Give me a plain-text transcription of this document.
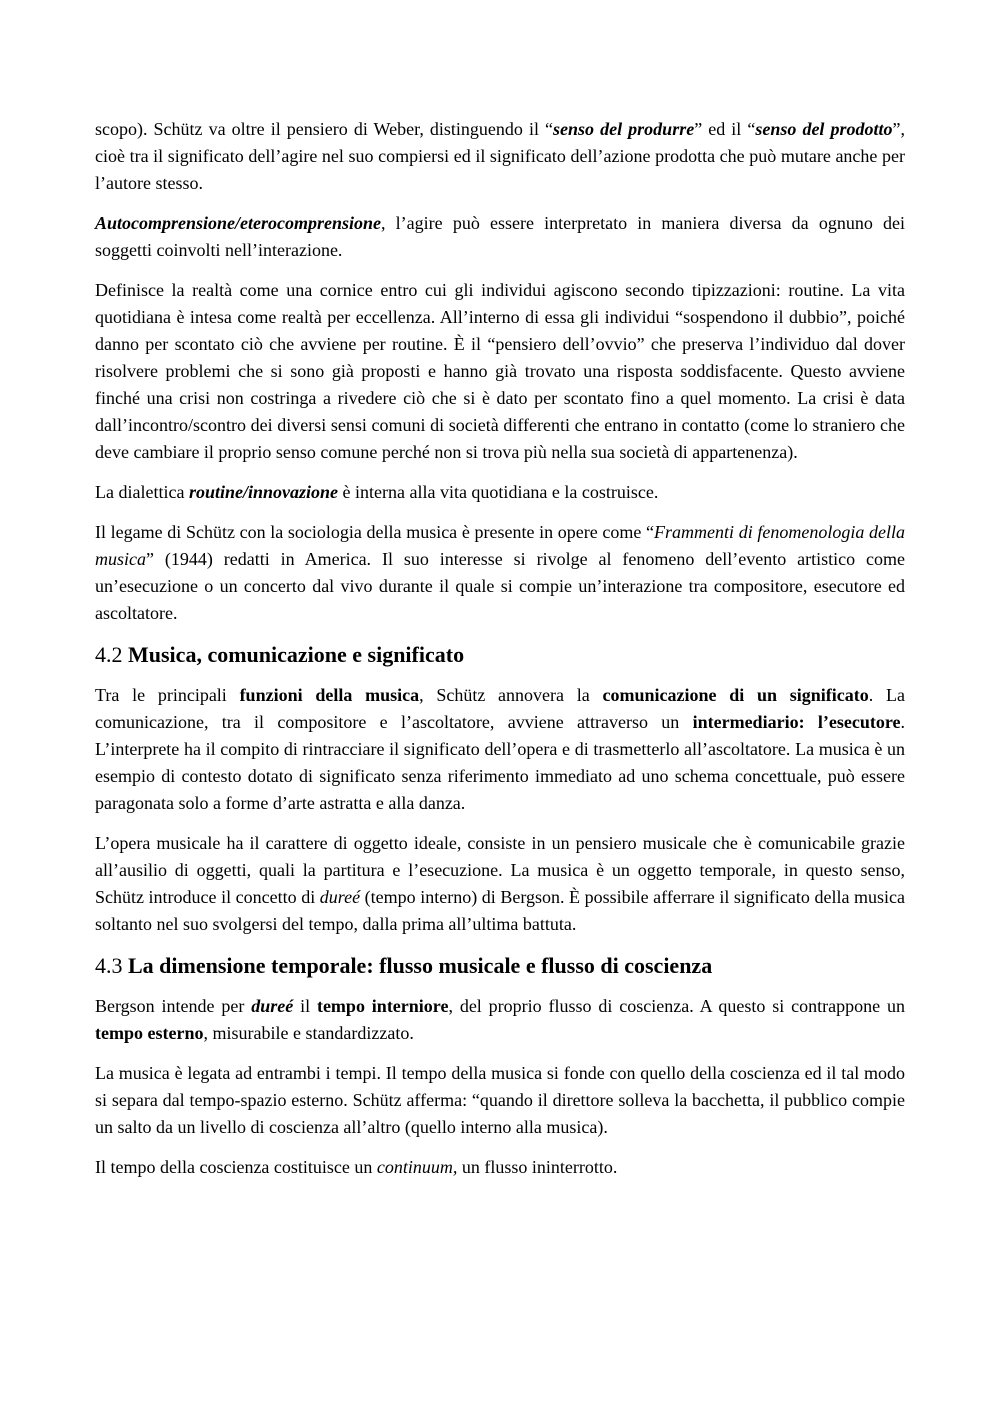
scopo). Schütz va oltre il pensiero di Weber, distinguendo il “senso del produrre” ed il “senso del prodotto”, cioè tra il significato dell’agire nel suo compiersi ed il significato dell’azione prodotta che può mutare anche per l’autore stesso.

Autocomprensione/eterocomprensione, l’agire può essere interpretato in maniera diversa da ognuno dei soggetti coinvolti nell’interazione.

Definisce la realtà come una cornice entro cui gli individui agiscono secondo tipizzazioni: routine. La vita quotidiana è intesa come realtà per eccellenza. All’interno di essa gli individui “sospendono il dubbio”, poiché danno per scontato ciò che avviene per routine. È il “pensiero dell’ovvio” che preserva l’individuo dal dover risolvere problemi che si sono già proposti e hanno già trovato una risposta soddisfacente. Questo avviene finché una crisi non costringa a rivedere ciò che si è dato per scontato fino a quel momento. La crisi è data dall’incontro/scontro dei diversi sensi comuni di società differenti che entrano in contatto (come lo straniero che deve cambiare il proprio senso comune perché non si trova più nella sua società di appartenenza).

La dialettica routine/innovazione è interna alla vita quotidiana e la costruisce.

Il legame di Schütz con la sociologia della musica è presente in opere come “Frammenti di fenomenologia della musica” (1944) redatti in America. Il suo interesse si rivolge al fenomeno dell’evento artistico come un’esecuzione o un concerto dal vivo durante il quale si compie un’interazione tra compositore, esecutore ed ascoltatore.

4.2 Musica, comunicazione e significato

Tra le principali funzioni della musica, Schütz annovera la comunicazione di un significato. La comunicazione, tra il compositore e l’ascoltatore, avviene attraverso un intermediario: l’esecutore. L’interprete ha il compito di rintracciare il significato dell’opera e di trasmetterlo all’ascoltatore. La musica è un esempio di contesto dotato di significato senza riferimento immediato ad uno schema concettuale, può essere paragonata solo a forme d’arte astratta e alla danza.

L’opera musicale ha il carattere di oggetto ideale, consiste in un pensiero musicale che è comunicabile grazie all’ausilio di oggetti, quali la partitura e l’esecuzione. La musica è un oggetto temporale, in questo senso, Schütz introduce il concetto di dureé (tempo interno) di Bergson. È possibile afferrare il significato della musica soltanto nel suo svolgersi del tempo, dalla prima all’ultima battuta.

4.3 La dimensione temporale: flusso musicale e flusso di coscienza

Bergson intende per dureé il tempo interniore, del proprio flusso di coscienza. A questo si contrappone un tempo esterno, misurabile e standardizzato.

La musica è legata ad entrambi i tempi. Il tempo della musica si fonde con quello della coscienza ed il tal modo si separa dal tempo-spazio esterno. Schütz afferma: “quando il direttore solleva la bacchetta, il pubblico compie un salto da un livello di coscienza all’altro (quello interno alla musica).

Il tempo della coscienza costituisce un continuum, un flusso ininterrotto.
